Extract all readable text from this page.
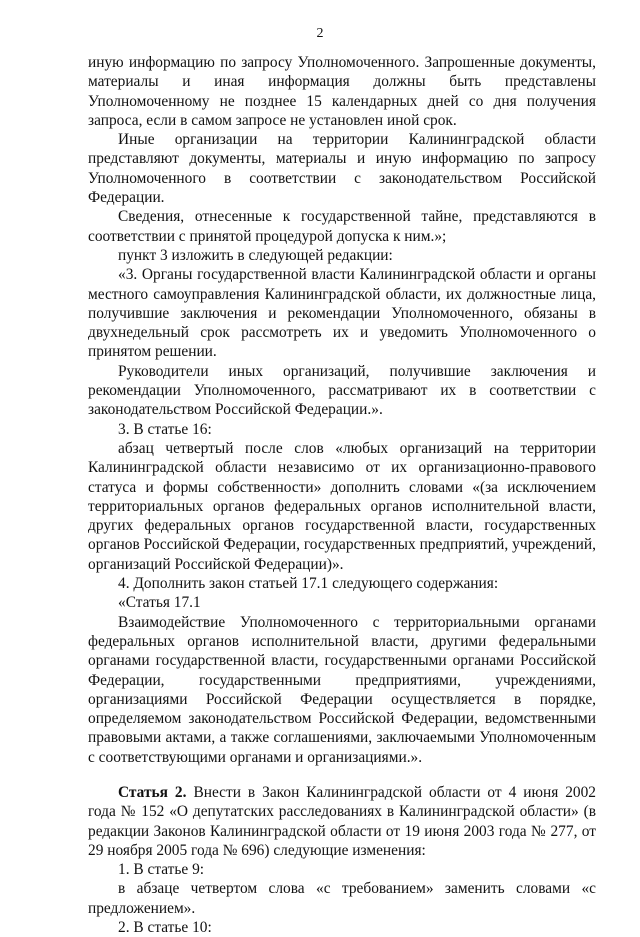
2

иную информацию по запросу Уполномоченного. Запрошенные документы, материалы и иная информация должны быть представлены Уполномоченному не позднее 15 календарных дней со дня получения запроса, если в самом запросе не установлен иной срок.

Иные организации на территории Калининградской области представляют документы, материалы и иную информацию по запросу Уполномоченного в соответствии с законодательством Российской Федерации.

Сведения, отнесенные к государственной тайне, представляются в соответствии с принятой процедурой допуска к ним.»;

пункт 3 изложить в следующей редакции:

«3. Органы государственной власти Калининградской области и органы местного самоуправления Калининградской области, их должностные лица, получившие заключения и рекомендации Уполномоченного, обязаны в двухнедельный срок рассмотреть их и уведомить Уполномоченного о принятом решении.

Руководители иных организаций, получившие заключения и рекомендации Уполномоченного, рассматривают их в соответствии с законодательством Российской Федерации.».

3. В статье 16:

абзац четвертый после слов «любых организаций на территории Калининградской области независимо от их организационно-правового статуса и формы собственности» дополнить словами «(за исключением территориальных органов федеральных органов исполнительной власти, других федеральных органов государственной власти, государственных органов Российской Федерации, государственных предприятий, учреждений, организаций Российской Федерации)».

4. Дополнить закон статьей 17.1 следующего содержания:

«Статья 17.1

Взаимодействие Уполномоченного с территориальными органами федеральных органов исполнительной власти, другими федеральными органами государственной власти, государственными органами Российской Федерации, государственными предприятиями, учреждениями, организациями Российской Федерации осуществляется в порядке, определяемом законодательством Российской Федерации, ведомственными правовыми актами, а также соглашениями, заключаемыми Уполномоченным с соответствующими органами и организациями.».

Статья 2. Внести в Закон Калининградской области от 4 июня 2002 года № 152 «О депутатских расследованиях в Калининградской области» (в редакции Законов Калининградской области от 19 июня 2003 года № 277, от 29 ноября 2005 года № 696) следующие изменения:

1. В статье 9:

в абзаце четвертом слова «с требованием» заменить словами «с предложением».

2. В статье 10:
